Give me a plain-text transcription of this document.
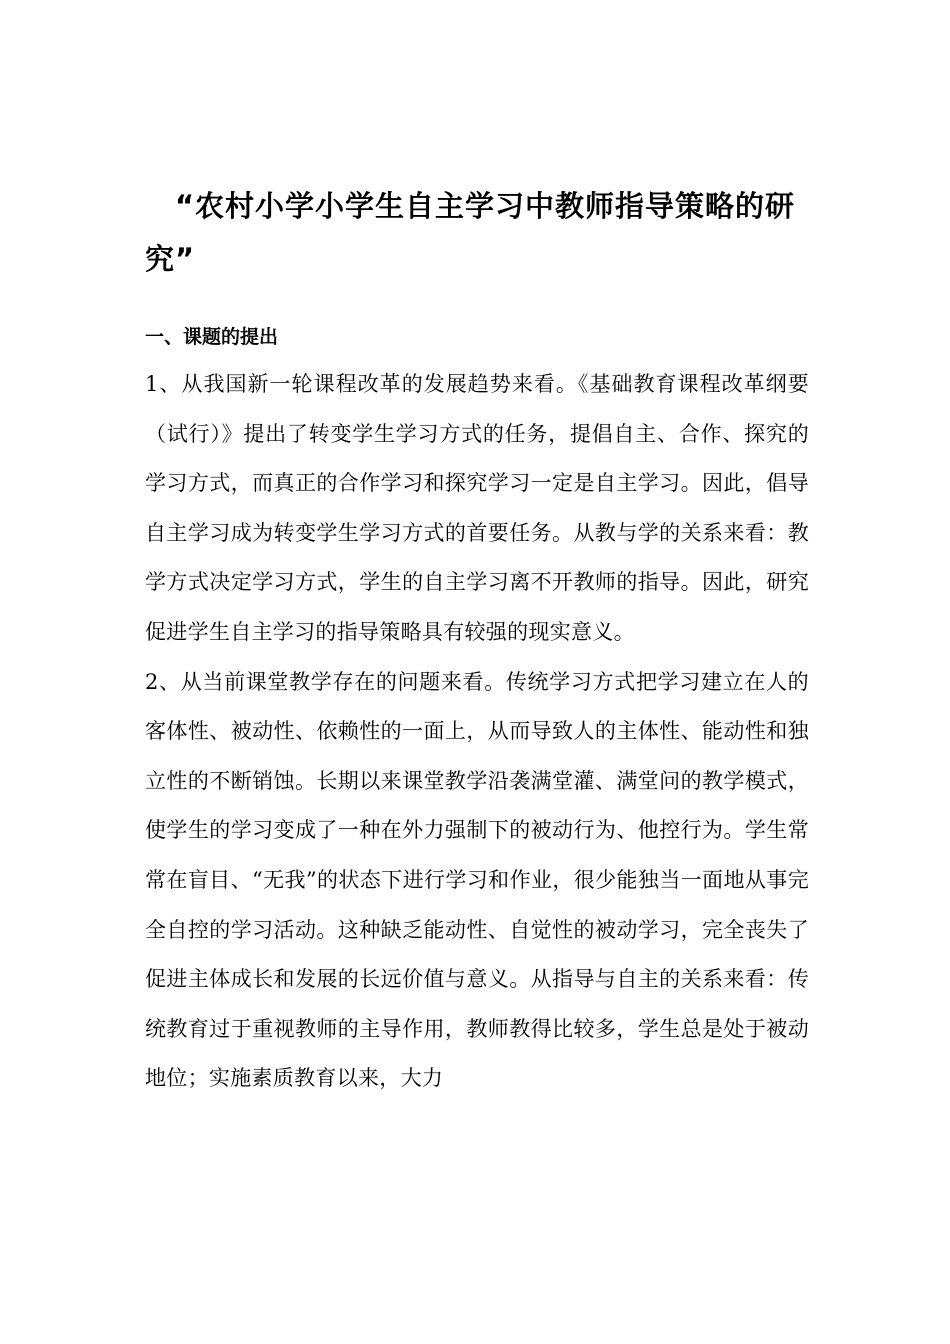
“农村小学小学生自主学习中教师指导策略的研究”
一、课题的提出

1、从我国新一轮课程改革的发展趋势来看。《基础教育课程改革纲要（试行）》提出了转变学生学习方式的任务，提倡自主、合作、探究的学习方式，而真正的合作学习和探究学习一定是自主学习。因此，倡导自主学习成为转变学生学习方式的首要任务。从教与学的关系来看：教学方式决定学习方式，学生的自主学习离不开教师的指导。因此，研究促进学生自主学习的指导策略具有较强的现实意义。

2、从当前课堂教学存在的问题来看。传统学习方式把学习建立在人的客体性、被动性、依赖性的一面上，从而导致人的主体性、能动性和独立性的不断销蚀。长期以来课堂教学沿袭满堂灌、满堂问的教学模式，使学生的学习变成了一种在外力强制下的被动行为、他控行为。学生常常在盲目、“无我”的状态下进行学习和作业，很少能独当一面地从事完全自控的学习活动。这种缺乏能动性、自觉性的被动学习，完全丧失了促进主体成长和发展的长远价值与意义。从指导与自主的关系来看：传统教育过于重视教师的主导作用，教师教得比较多，学生总是处于被动地位；实施素质教育以来，大力
